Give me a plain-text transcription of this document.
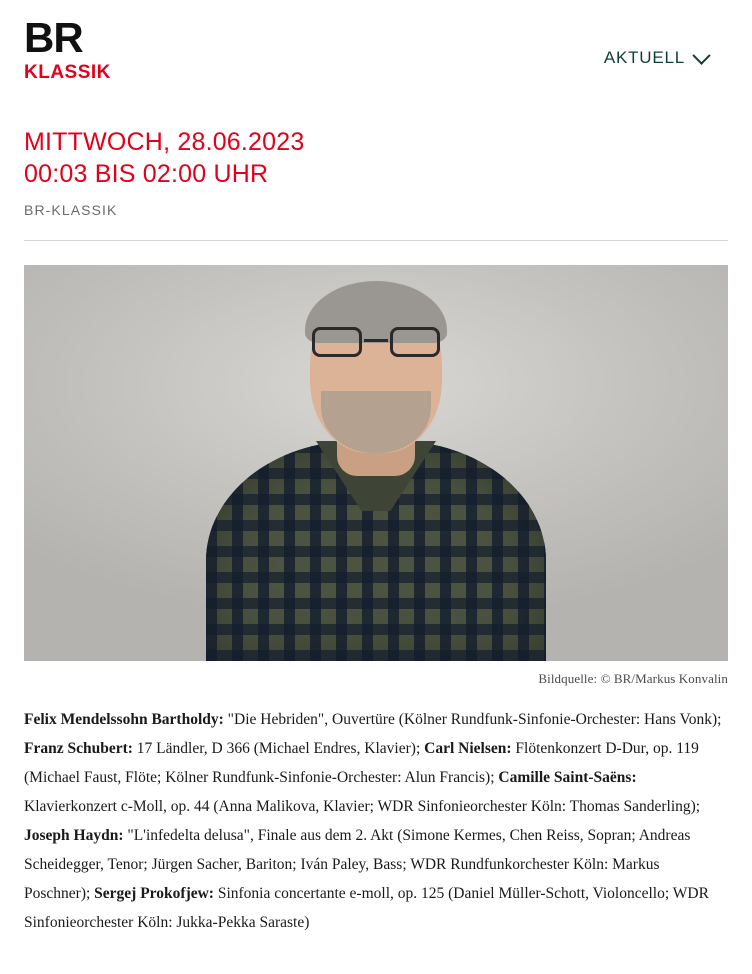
BR
KLASSIK
AKTUELL
MITTWOCH, 28.06.2023
00:03 BIS 02:00 UHR
BR-KLASSIK
Bildquelle: © BR/Markus Konvalin
Felix Mendelssohn Bartholdy: "Die Hebriden", Ouvertüre (Kölner Rundfunk-Sinfonie-Orchester: Hans Vonk); Franz Schubert: 17 Ländler, D 366 (Michael Endres, Klavier); Carl Nielsen: Flötenkonzert D-Dur, op. 119 (Michael Faust, Flöte; Kölner Rundfunk-Sinfonie-Orchester: Alun Francis); Camille Saint-Saëns: Klavierkonzert c-Moll, op. 44 (Anna Malikova, Klavier; WDR Sinfonieorchester Köln: Thomas Sanderling); Joseph Haydn: "L'infedelta delusa", Finale aus dem 2. Akt (Simone Kermes, Chen Reiss, Sopran; Andreas Scheidegger, Tenor; Jürgen Sacher, Bariton; Iván Paley, Bass; WDR Rundfunkorchester Köln: Markus Poschner); Sergej Prokofjew: Sinfonia concertante e-moll, op. 125 (Daniel Müller-Schott, Violoncello; WDR Sinfonieorchester Köln: Jukka-Pekka Saraste)
